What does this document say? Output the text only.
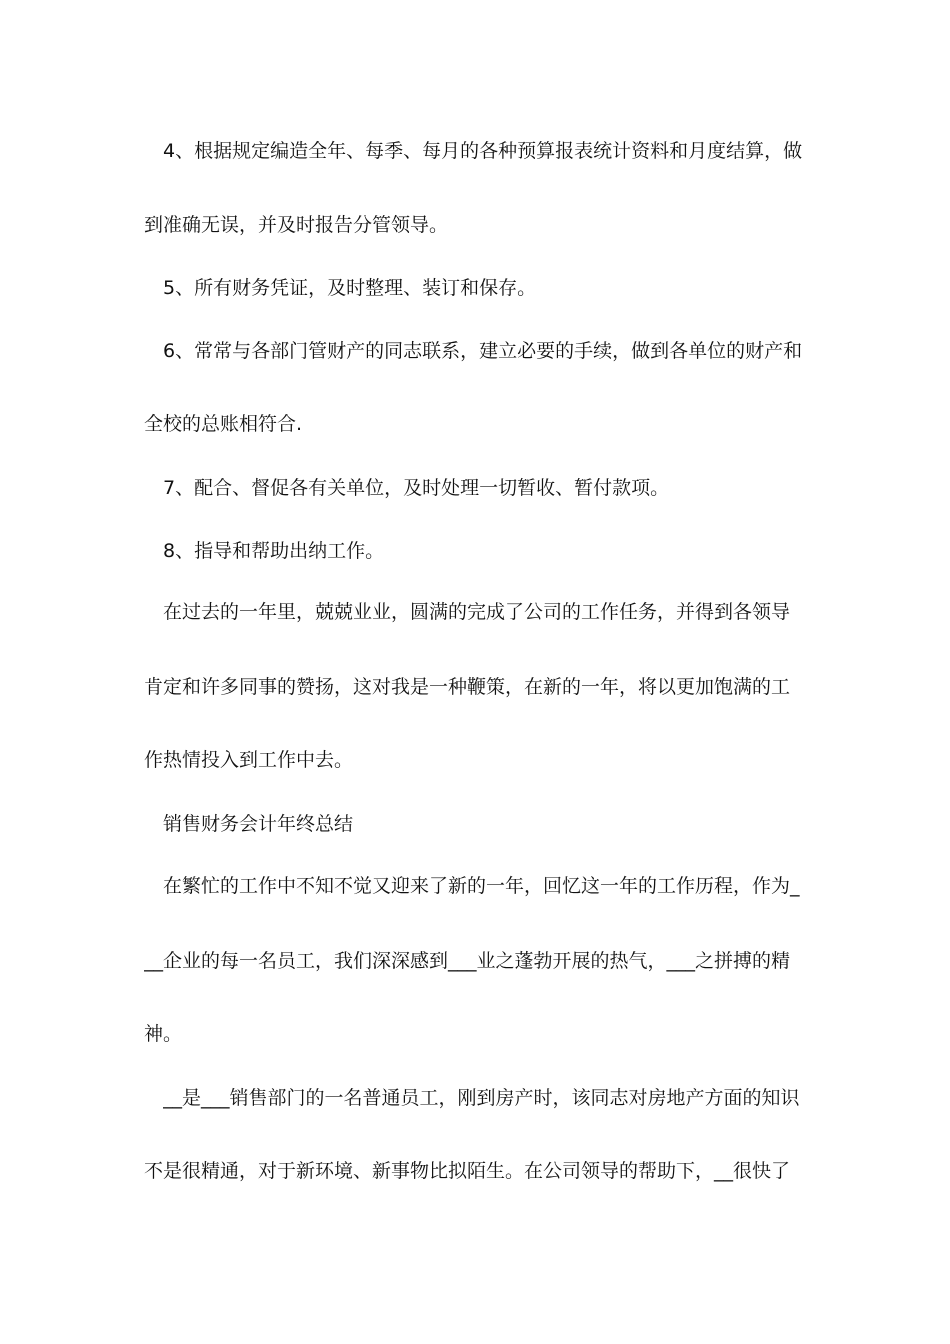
4、根据规定编造全年、每季、每月的各种预算报表统计资料和月度结算，做
到准确无误，并及时报告分管领导。
5、所有财务凭证，及时整理、装订和保存。
6、常常与各部门管财产的同志联系，建立必要的手续，做到各单位的财产和
全校的总账相符合.
7、配合、督促各有关单位，及时处理一切暂收、暂付款项。
8、指导和帮助出纳工作。
在过去的一年里，兢兢业业，圆满的完成了公司的工作任务，并得到各领导
肯定和许多同事的赞扬，这对我是一种鞭策，在新的一年，将以更加饱满的工
作热情投入到工作中去。
销售财务会计年终总结
在繁忙的工作中不知不觉又迎来了新的一年，回忆这一年的工作历程，作为_
__企业的每一名员工，我们深深感到___业之蓬勃开展的热气，___之拼搏的精
神。
__是___销售部门的一名普通员工，刚到房产时，该同志对房地产方面的知识
不是很精通，对于新环境、新事物比拟陌生。在公司领导的帮助下，__很快了
